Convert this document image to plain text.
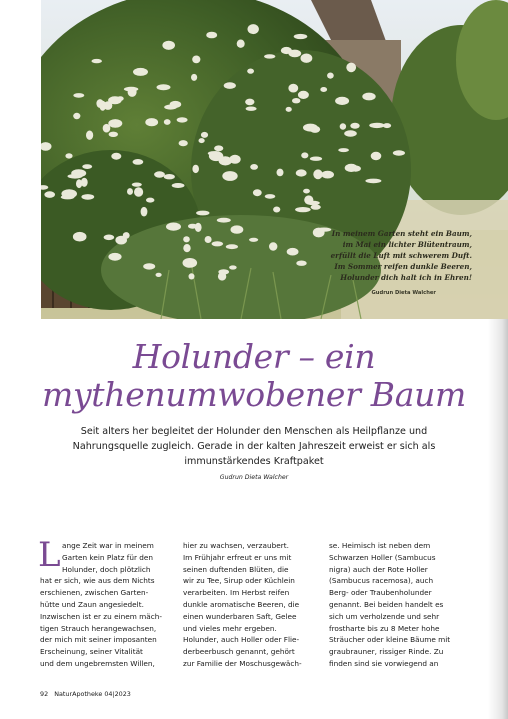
In meinem Garten steht ein Baum,
im Mai ein lichter Blütentraum,
erfüllt die Luft mit schwerem Duft.
Im Sommer reifen dunkle Beeren,
Holunder dich halt ich in Ehren!
Gudrun Dieta Walcher
Holunder – ein
mythenumwobener Baum
Seit alters her begleitet der Holunder den Menschen als Heilpflanze und
Nahrungsquelle zugleich. Gerade in der kalten Jahreszeit erweist er sich als
immunstärkendes Kraftpaket
Gudrun Dieta Walcher
L ange Zeit war in meinem
Garten kein Platz für den
Holunder, doch plötzlich
hat er sich, wie aus dem Nichts
erschienen, zwischen Garten-
hütte und Zaun angesiedelt.
Inzwischen ist er zu einem mäch-
tigen Strauch herangewachsen,
der mich mit seiner imposanten
Erscheinung, seiner Vitalität
und dem ungebremsten Willen,
hier zu wachsen, verzaubert.
Im Frühjahr erfreut er uns mit
seinen duftenden Blüten, die
wir zu Tee, Sirup oder Küchlein
verarbeiten. Im Herbst reifen
dunkle aromatische Beeren, die
einen wunderbaren Saft, Gelee
und vieles mehr ergeben.
Holunder, auch Holler oder Flie-
derbeerbusch genannt, gehört
zur Familie der Moschusgewäch-
se. Heimisch ist neben dem
Schwarzen Holler (Sambucus
nigra) auch der Rote Holler
(Sambucus racemosa), auch
Berg- oder Traubenholunder
genannt. Bei beiden handelt es
sich um verholzende und sehr
frostharte bis zu 8 Meter hohe
Sträucher oder kleine Bäume mit
graubrauner, rissiger Rinde. Zu
finden sind sie vorwiegend an
92 NaturApotheke 04|2023
